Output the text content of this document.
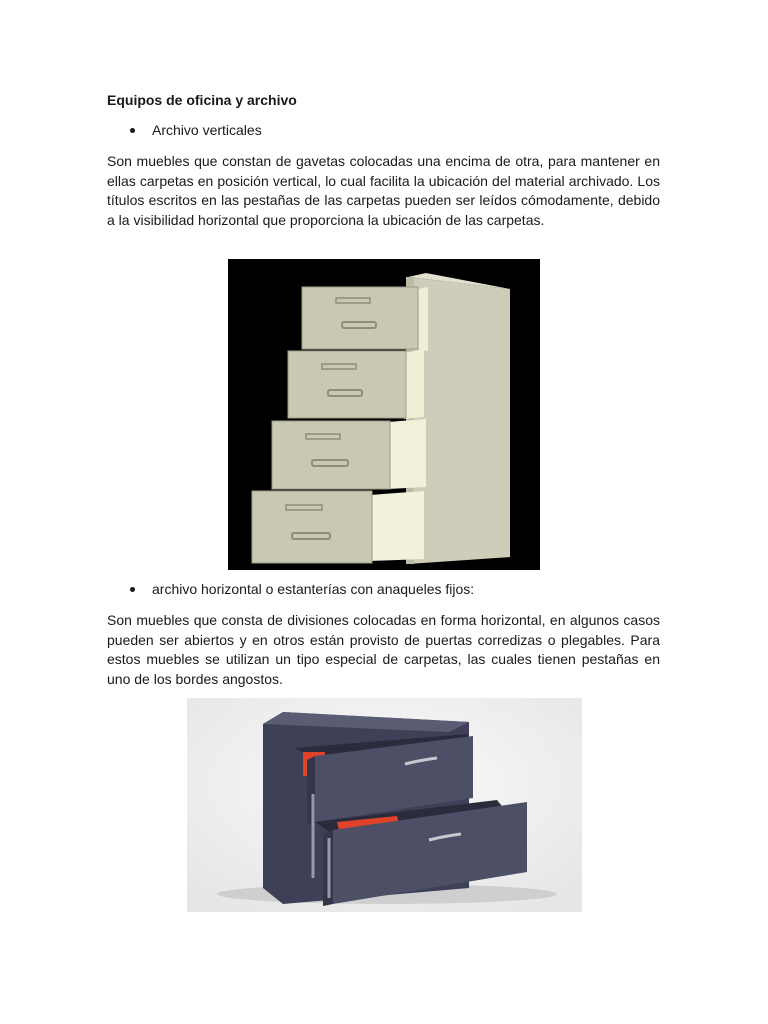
Equipos de oficina y archivo
Archivo verticales

Son muebles que constan de gavetas colocadas una encima de otra, para mantener en ellas carpetas en posición vertical, lo cual facilita la ubicación del material archivado. Los títulos escritos en las pestañas de las carpetas pueden ser leídos cómodamente, debido a la visibilidad horizontal que proporciona la ubicación de las carpetas.

archivo horizontal o estanterías con anaqueles fijos:

Son muebles que consta de divisiones colocadas en forma horizontal, en algunos casos pueden ser abiertos y en otros están provisto de puertas corredizas o plegables. Para estos muebles se utilizan un tipo especial de carpetas, las cuales tienen pestañas en uno de los bordes angostos.
